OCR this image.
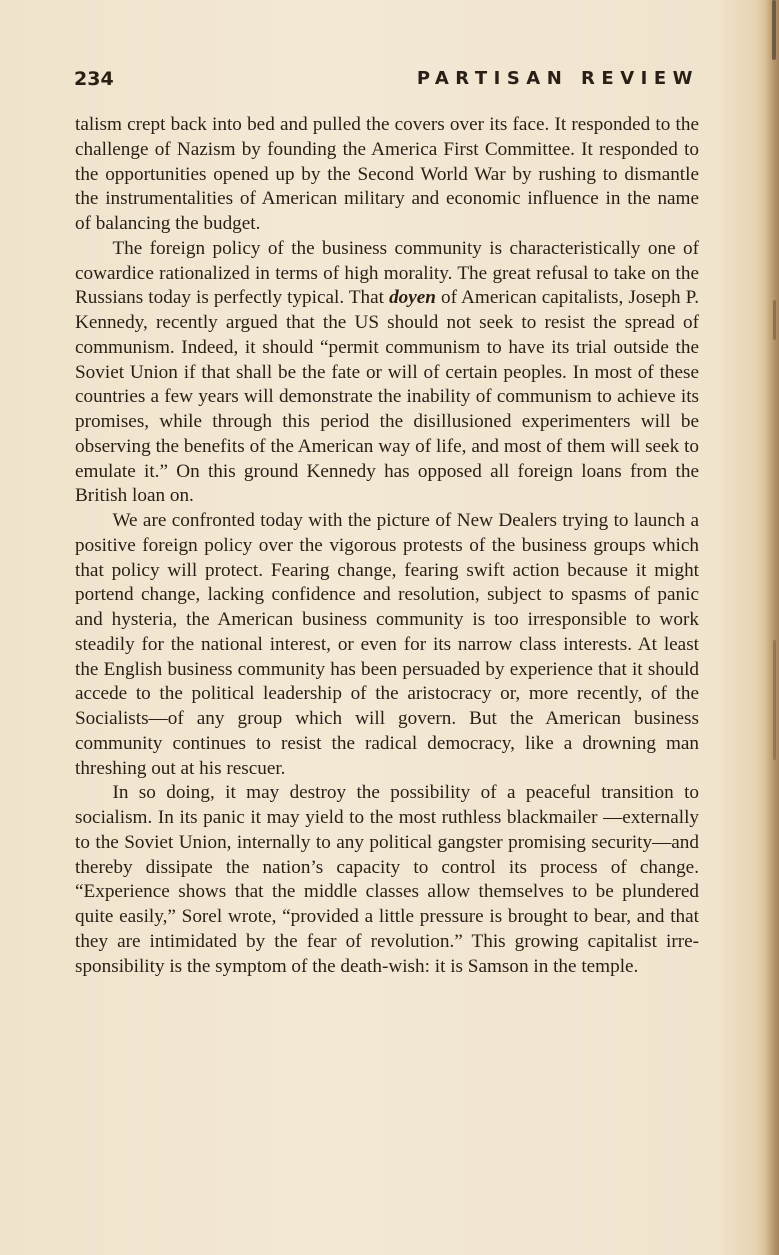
234	PARTISAN REVIEW

talism crept back into bed and pulled the covers over its face. It responded to the challenge of Nazism by founding the America First Committee. It responded to the opportunities opened up by the Second World War by rushing to dismantle the instrumentalities of American military and economic influence in the name of balancing the budget.

The foreign policy of the business community is characteristically one of cowardice rationalized in terms of high morality. The great refusal to take on the Russians today is perfectly typical. That doyen of American capitalists, Joseph P. Kennedy, recently argued that the US should not seek to resist the spread of communism. Indeed, it should “permit communism to have its trial outside the Soviet Union if that shall be the fate or will of certain peoples. In most of these countries a few years will demonstrate the inability of communism to achieve its promises, while through this period the disillusioned experimenters will be observing the benefits of the American way of life, and most of them will seek to emulate it.” On this ground Kennedy has opposed all foreign loans from the British loan on.

We are confronted today with the picture of New Dealers trying to launch a positive foreign policy over the vigorous protests of the business groups which that policy will protect. Fearing change, fearing swift action because it might portend change, lacking confidence and resolution, subject to spasms of panic and hysteria, the American business community is too irresponsible to work steadily for the national interest, or even for its narrow class interests. At least the English business community has been persuaded by experience that it should accede to the political leadership of the aristocracy or, more recently, of the Socialists—of any group which will govern. But the American business community continues to resist the radical democracy, like a drowning man threshing out at his rescuer.

In so doing, it may destroy the possibility of a peaceful transition to socialism. In its panic it may yield to the most ruthless blackmailer —externally to the Soviet Union, internally to any political gangster promising security—and thereby dissipate the nation’s capacity to control its process of change. “Experience shows that the middle classes allow themselves to be plundered quite easily,” Sorel wrote, “provided a little pressure is brought to bear, and that they are intimidated by the fear of revolution.” This growing capitalist irresponsibility is the symptom of the death-wish: it is Samson in the temple.
